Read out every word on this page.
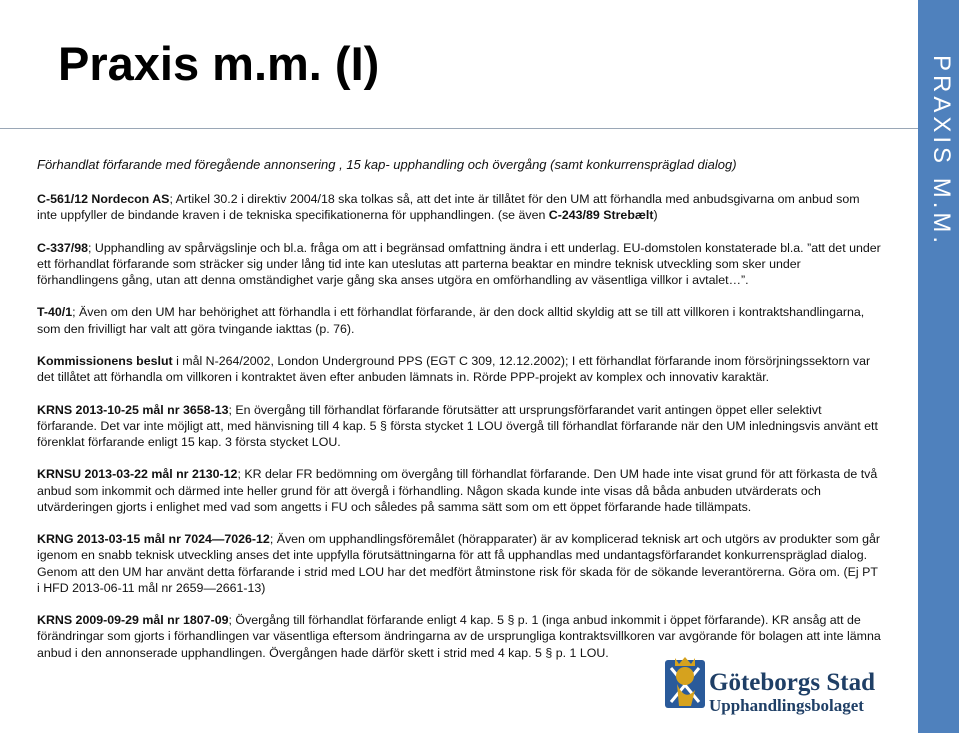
PRAXIS M.M.
Praxis m.m. (I)
Förhandlat förfarande med föregående annonsering , 15 kap- upphandling och övergång (samt konkurrenspräglad dialog)

C-561/12 Nordecon AS; Artikel 30.2 i direktiv 2004/18 ska tolkas så, att det inte är tillåtet för den UM att förhandla med anbudsgivarna om anbud som inte uppfyller de bindande kraven i de tekniska specifikationerna för upphandlingen. (se även C-243/89 Strebælt)

C-337/98; Upphandling av spårvägslinje och bl.a. fråga om att i begränsad omfattning ändra i ett underlag. EU-domstolen konstaterade bl.a. ”att det under ett förhandlat förfarande som sträcker sig under lång tid inte kan uteslutas att parterna beaktar en mindre teknisk utveckling som sker under förhandlingens gång, utan att denna omständighet varje gång ska anses utgöra en omförhandling av väsentliga villkor i avtalet…”.

T-40/1; Även om den UM har behörighet att förhandla i ett förhandlat förfarande, är den dock alltid skyldig att se till att villkoren i kontraktshandlingarna, som den frivilligt har valt att göra tvingande iakttas (p. 76).

Kommissionens beslut i mål N-264/2002, London Underground PPS (EGT C 309, 12.12.2002); I ett förhandlat förfarande inom försörjningssektorn var det tillåtet att förhandla om villkoren i kontraktet även efter anbuden lämnats in. Rörde PPP-projekt av komplex och innovativ karaktär.

KRNS 2013-10-25 mål nr 3658-13; En övergång till förhandlat förfarande förutsätter att ursprungsförfarandet varit antingen öppet eller selektivt förfarande. Det var inte möjligt att, med hänvisning till 4 kap. 5 § första stycket 1 LOU övergå till förhandlat förfarande när den UM inledningsvis använt ett förenklat förfarande enligt 15 kap. 3 första stycket LOU.

KRNSU 2013-03-22 mål nr 2130-12; KR delar FR bedömning om övergång till förhandlat förfarande. Den UM hade inte visat grund för att förkasta de två anbud som inkommit och därmed inte heller grund för att övergå i förhandling. Någon skada kunde inte visas då båda anbuden utvärderats och utvärderingen gjorts i enlighet med vad som angetts i FU och således på samma sätt som om ett öppet förfarande hade tillämpats.

KRNG 2013-03-15 mål nr 7024—7026-12; Även om upphandlingsföremålet (hörapparater) är av komplicerad teknisk art och utgörs av produkter som går igenom en snabb teknisk utveckling anses det inte uppfylla förutsättningarna för att få upphandlas med undantagsförfarandet konkurrenspräglad dialog. Genom att den UM har använt detta förfarande i strid med LOU har det medfört åtminstone risk för skada för de sökande leverantörerna. Göra om. (Ej PT i HFD 2013-06-11 mål nr 2659—2661-13)

KRNS 2009-09-29 mål nr 1807-09; Övergång till förhandlat förfarande enligt 4 kap. 5 § p. 1 (inga anbud inkommit i öppet förfarande). KR ansåg att de förändringar som gjorts i förhandlingen var väsentliga eftersom ändringarna av de ursprungliga kontraktsvillkoren var avgörande för bolagen att inte lämna anbud i den annonserade upphandlingen. Övergången hade därför skett i strid med 4 kap. 5 § p. 1 LOU.

Göteborgs Stad
Upphandlingsbolaget
